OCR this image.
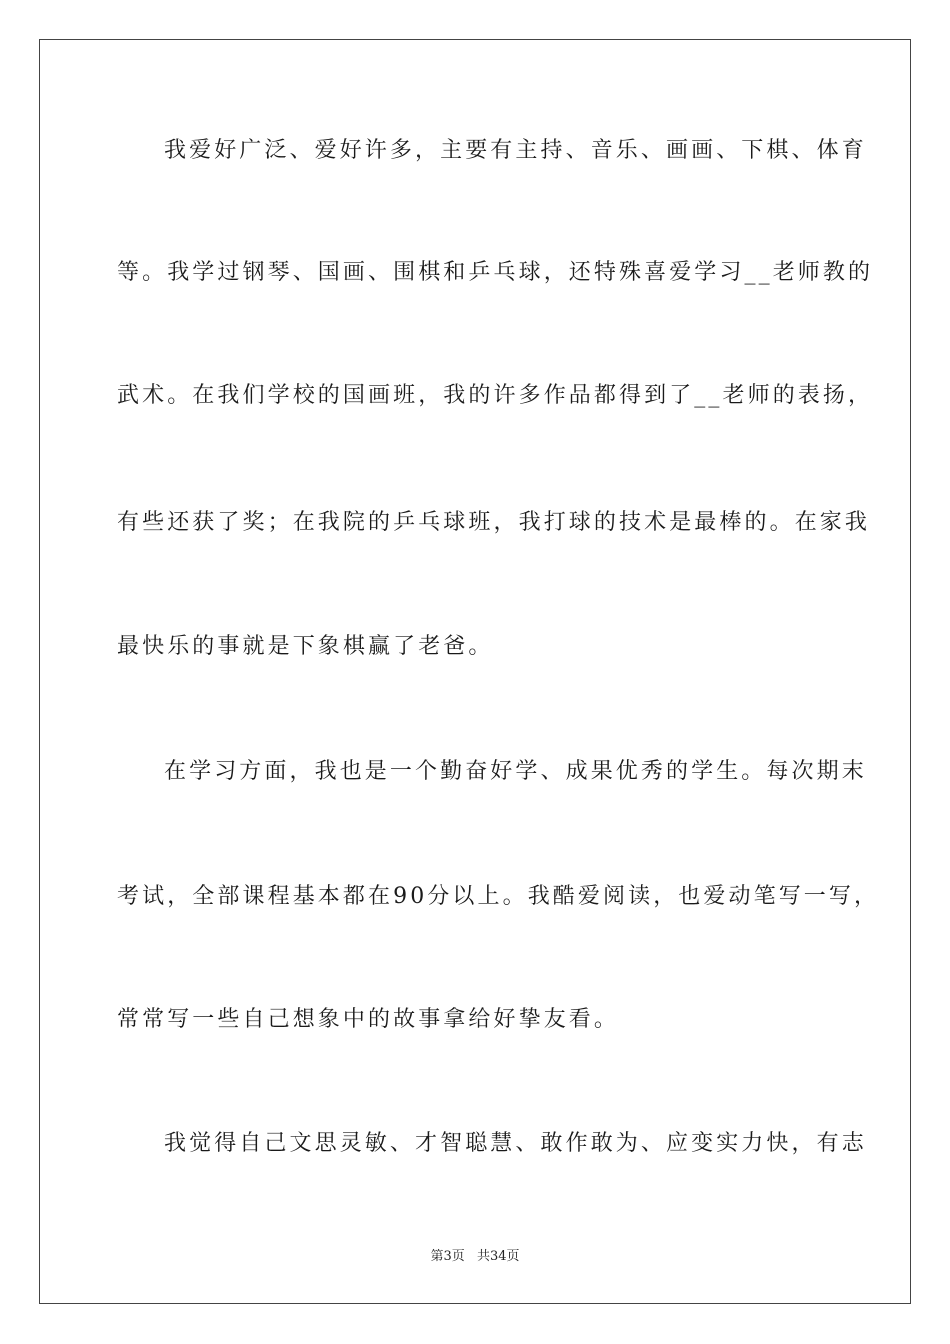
我爱好广泛、爱好许多，主要有主持、音乐、画画、下棋、体育
等。我学过钢琴、国画、围棋和乒乓球，还特殊喜爱学习__老师教的
武术。在我们学校的国画班，我的许多作品都得到了__老师的表扬，
有些还获了奖；在我院的乒乓球班，我打球的技术是最棒的。在家我
最快乐的事就是下象棋赢了老爸。
在学习方面，我也是一个勤奋好学、成果优秀的学生。每次期末
考试，全部课程基本都在90分以上。我酷爱阅读，也爱动笔写一写，
常常写一些自己想象中的故事拿给好挚友看。
我觉得自己文思灵敏、才智聪慧、敢作敢为、应变实力快，有志
第3页 共34页
